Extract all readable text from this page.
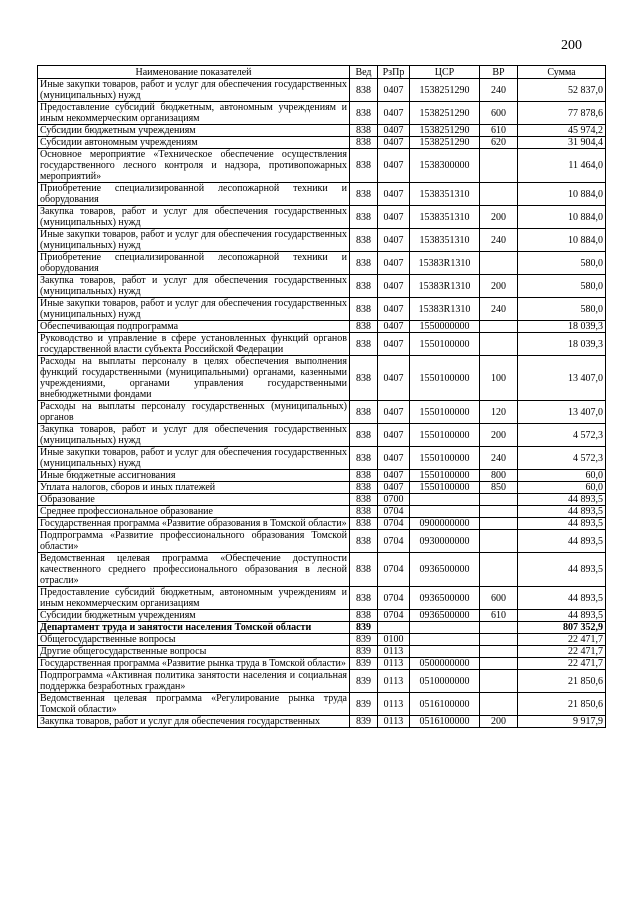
200
Наименование показателей	Вед	РзПр	ЦСР	ВР	Сумма
Иные закупки товаров, работ и услуг для обеспечения государственных (муниципальных) нужд	838	0407	1538251290	240	52 837,0
Предоставление субсидий бюджетным, автономным учреждениям и иным некоммерческим организациям	838	0407	1538251290	600	77 878,6
Субсидии бюджетным учреждениям	838	0407	1538251290	610	45 974,2
Субсидии автономным учреждениям	838	0407	1538251290	620	31 904,4
Основное мероприятие «Техническое обеспечение осуществления государственного лесного контроля и надзора, противопожарных мероприятий»	838	0407	1538300000		11 464,0
Приобретение специализированной лесопожарной техники и оборудования	838	0407	1538351310		10 884,0
Закупка товаров, работ и услуг для обеспечения государственных (муниципальных) нужд	838	0407	1538351310	200	10 884,0
Иные закупки товаров, работ и услуг для обеспечения государственных (муниципальных) нужд	838	0407	1538351310	240	10 884,0
Приобретение специализированной лесопожарной техники и оборудования	838	0407	15383R1310		580,0
Закупка товаров, работ и услуг для обеспечения государственных (муниципальных) нужд	838	0407	15383R1310	200	580,0
Иные закупки товаров, работ и услуг для обеспечения государственных (муниципальных) нужд	838	0407	15383R1310	240	580,0
Обеспечивающая подпрограмма	838	0407	1550000000		18 039,3
Руководство и управление в сфере установленных функций органов государственной власти субъекта Российской Федерации	838	0407	1550100000		18 039,3
Расходы на выплаты персоналу в целях обеспечения выполнения функций государственными (муниципальными) органами, казенными учреждениями, органами управления государственными внебюджетными фондами	838	0407	1550100000	100	13 407,0
Расходы на выплаты персоналу государственных (муниципальных) органов	838	0407	1550100000	120	13 407,0
Закупка товаров, работ и услуг для обеспечения государственных (муниципальных) нужд	838	0407	1550100000	200	4 572,3
Иные закупки товаров, работ и услуг для обеспечения государственных (муниципальных) нужд	838	0407	1550100000	240	4 572,3
Иные бюджетные ассигнования	838	0407	1550100000	800	60,0
Уплата налогов, сборов и иных платежей	838	0407	1550100000	850	60,0
Образование	838	0700			44 893,5
Среднее профессиональное образование	838	0704			44 893,5
Государственная программа «Развитие образования в Томской области»	838	0704	0900000000		44 893,5
Подпрограмма «Развитие профессионального образования Томской области»	838	0704	0930000000		44 893,5
Ведомственная целевая программа «Обеспечение доступности качественного среднего профессионального образования в лесной отрасли»	838	0704	0936500000		44 893,5
Предоставление субсидий бюджетным, автономным учреждениям и иным некоммерческим организациям	838	0704	0936500000	600	44 893,5
Субсидии бюджетным учреждениям	838	0704	0936500000	610	44 893,5
Департамент труда и занятости населения Томской области	839				807 352,9
Общегосударственные вопросы	839	0100			22 471,7
Другие общегосударственные вопросы	839	0113			22 471,7
Государственная программа «Развитие рынка труда в Томской области»	839	0113	0500000000		22 471,7
Подпрограмма «Активная политика занятости населения и социальная поддержка безработных граждан»	839	0113	0510000000		21 850,6
Ведомственная целевая программа «Регулирование рынка труда Томской области»	839	0113	0516100000		21 850,6
Закупка товаров, работ и услуг для обеспечения государственных	839	0113	0516100000	200	9 917,9
